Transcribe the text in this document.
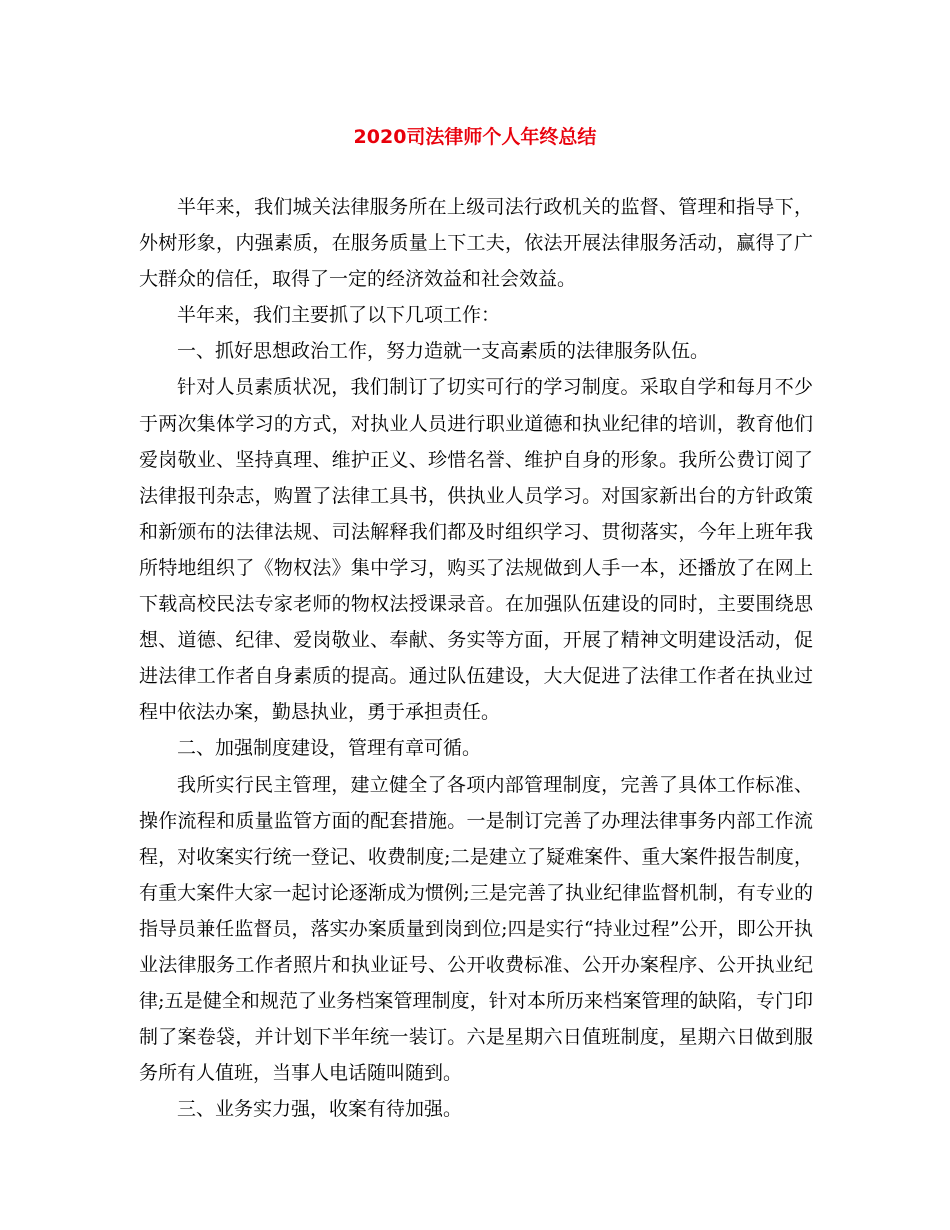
2020司法律师个人年终总结

半年来，我们城关法律服务所在上级司法行政机关的监督、管理和指导下，外树形象，内强素质，在服务质量上下工夫，依法开展法律服务活动，赢得了广大群众的信任，取得了一定的经济效益和社会效益。

半年来，我们主要抓了以下几项工作：

一、抓好思想政治工作，努力造就一支高素质的法律服务队伍。

针对人员素质状况，我们制订了切实可行的学习制度。采取自学和每月不少于两次集体学习的方式，对执业人员进行职业道德和执业纪律的培训，教育他们爱岗敬业、坚持真理、维护正义、珍惜名誉、维护自身的形象。我所公费订阅了法律报刊杂志，购置了法律工具书，供执业人员学习。对国家新出台的方针政策和新颁布的法律法规、司法解释我们都及时组织学习、贯彻落实，今年上班年我所特地组织了《物权法》集中学习，购买了法规做到人手一本，还播放了在网上下载高校民法专家老师的物权法授课录音。在加强队伍建设的同时，主要围绕思想、道德、纪律、爱岗敬业、奉献、务实等方面，开展了精神文明建设活动，促进法律工作者自身素质的提高。通过队伍建设，大大促进了法律工作者在执业过程中依法办案，勤恳执业，勇于承担责任。

二、加强制度建设，管理有章可循。

我所实行民主管理，建立健全了各项内部管理制度，完善了具体工作标准、操作流程和质量监管方面的配套措施。一是制订完善了办理法律事务内部工作流程，对收案实行统一登记、收费制度;二是建立了疑难案件、重大案件报告制度，有重大案件大家一起讨论逐渐成为惯例;三是完善了执业纪律监督机制，有专业的指导员兼任监督员，落实办案质量到岗到位;四是实行“持业过程”公开，即公开执业法律服务工作者照片和执业证号、公开收费标准、公开办案程序、公开执业纪律;五是健全和规范了业务档案管理制度，针对本所历来档案管理的缺陷，专门印制了案卷袋，并计划下半年统一装订。六是星期六日值班制度，星期六日做到服务所有人值班，当事人电话随叫随到。

三、业务实力强，收案有待加强。
